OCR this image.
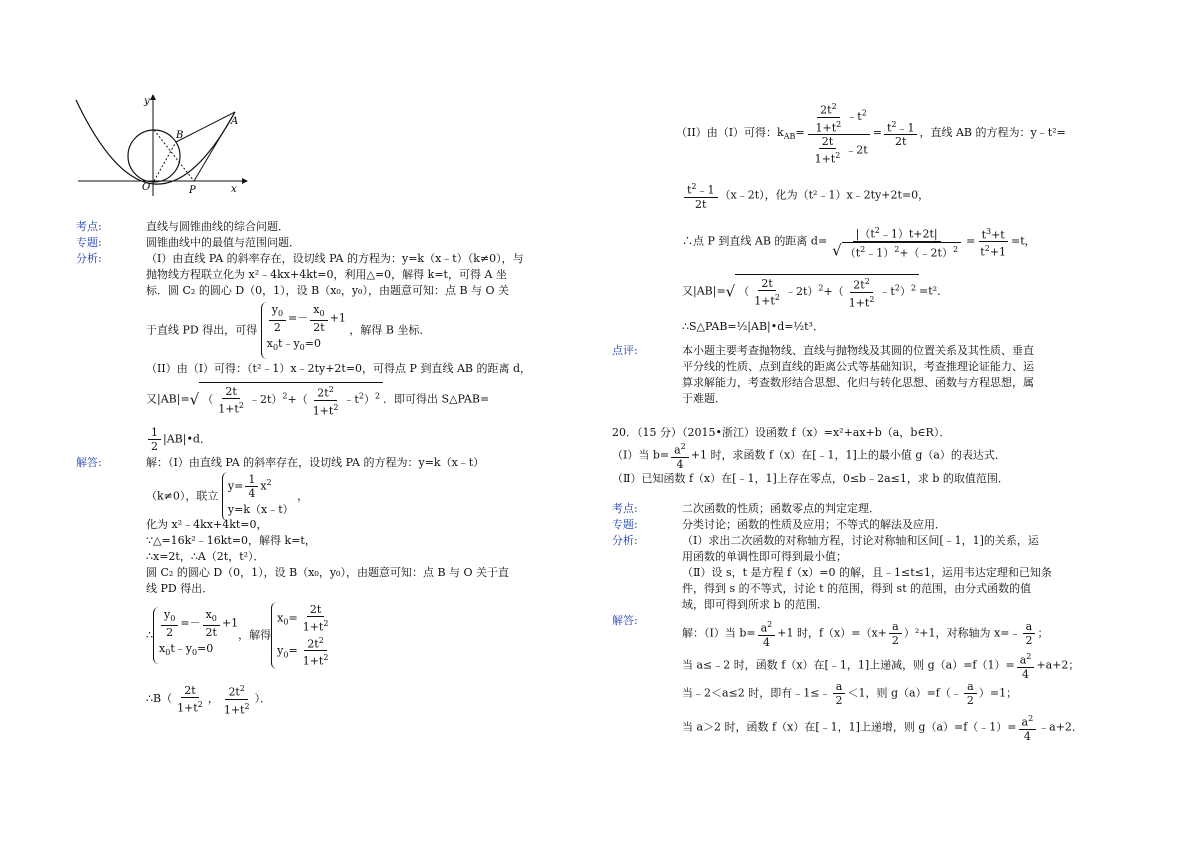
y
x
O	P
B
A
考点:	直线与圆锥曲线的综合问题．
专题:	圆锥曲线中的最值与范围问题．
分析:	（I）由直线 PA 的斜率存在，设切线 PA 的方程为：y=k（x﹣t）（k≠0），与
抛物线方程联立化为 x²﹣4kx+4kt=0，利用△=0，解得 k=t，可得 A 坐
标．圆 C₂ 的圆心 D（0，1），设 B（x₀，y₀），由题意可知：点 B 与 O 关
于直线 PD 得出，可得 $\frac{y_0}{2} =- \frac{x_0}{2t} +1$
$x_0t﹣y_0=0$
，解得 B 坐标．
（II）由（I）可得：（t²﹣1）x﹣2ty+2t=0，可得点 P 到直线 AB 的距离 d，
又|AB|=√ （ $\frac{2t}{1+t^2}$ ﹣2t）$^2$+（ $\frac{2t^2}{1+t^2}$ $﹣t^2)^2$ ．即可得出 S△PAB=
$\frac{1}{2}$ |AB|•d．
解答:	解：（I）由直线 PA 的斜率存在，设切线 PA 的方程为：y=k（x﹣t）
（k≠0），联立
$y= \frac{1}{4} x^2$
y=k（x﹣t）
，
化为 x²﹣4kx+4kt=0，
∵△=16k²﹣16kt=0，解得 k=t，
∴x=2t，∴A（2t，t²）．
圆 C₂ 的圆心 D（0，1），设 B（x₀，y₀），由题意可知：点 B 与 O 关于直
线 PD 得出．
∴ $\frac{y_0}{2} =- \frac{x_0}{2t} +1$
$x_0t﹣y_0=0$
，解得
$x_0= \frac{2t}{1+t^2}$
$y_0= \frac{2t^2}{1+t^2}$
∴B（ $\frac{2t}{1+t^2}$ ， $\frac{2t^2}{1+t^2}$ ）．
（II）由（I）可得：$k_{AB}= \frac{\frac{2t^2}{1+t^2} ﹣t^2}{\frac{2t}{1+t^2} ﹣2t} = \frac{t^2﹣1}{2t}$ ，直线 AB 的方程为：y﹣t²=
$\frac{t^2﹣1}{2t}$ （x﹣2t），化为（t²﹣1）x﹣2ty+2t=0，
∴点 P 到直线 AB 的距离 $d= \frac{|(t^2﹣1)t+2t|}{√ (t^2﹣1)^2+(﹣2t)^2} = \frac{t^3+t}{t^2+1} =t$，
又|AB|=√ （ $\frac{2t}{1+t^2}$ ﹣2t）$^2$+（ $\frac{2t^2}{1+t^2}$ $﹣t^2)^2 =t^2$．
∴S△PAB=½|AB|•d=½t³．
点评:	本小题主要考查抛物线、直线与抛物线及其圆的位置关系及其性质、垂直
平分线的性质、点到直线的距离公式等基础知识，考查推理论证能力、运
算求解能力，考查数形结合思想、化归与转化思想、函数与方程思想，属
于难题．
20．（15 分）（2015•浙江）设函数 f（x）=x²+ax+b（a，b∈R）．
（Ⅰ）当 $b= \frac{a^2}{4} +1$ 时，求函数 f（x）在[﹣1，1]上的最小值 g（a）的表达式．
（Ⅱ）已知函数 f（x）在[﹣1，1]上存在零点，0≤b﹣2a≤1，求 b 的取值范围．
考点:	二次函数的性质；函数零点的判定定理．
专题:	分类讨论；函数的性质及应用；不等式的解法及应用．
分析:	（Ⅰ）求出二次函数的对称轴方程，讨论对称轴和区间[﹣1，1]的关系，运
用函数的单调性即可得到最小值；
（Ⅱ）设 s，t 是方程 f（x）=0 的解，且﹣1≤t≤1，运用韦达定理和已知条
件，得到 s 的不等式，讨论 t 的范围，得到 st 的范围，由分式函数的值
域，即可得到所求 b 的范围．
解答:
解：（Ⅰ）当 $b= \frac{a^2}{4} +1$ 时，$f(x)=(x+ \frac{a}{2} )^2+1$，对称轴为 x=﹣ $\frac{a}{2}$ ；
当 a≤﹣2 时，函数 f（x）在[﹣1，1]上递减，则 $g(a)=f(1)= \frac{a^2}{4} +a+2$；
当﹣2＜a≤2 时，即有﹣1≤﹣ $\frac{a}{2} <1$，则 g（a）=f（﹣ $\frac{a}{2} )=1$；
当 a＞2 时，函数 f（x）在[﹣1，1]上递增，则 g（a）=f（﹣1）= $\frac{a^2}{4}$ ﹣a+2．
